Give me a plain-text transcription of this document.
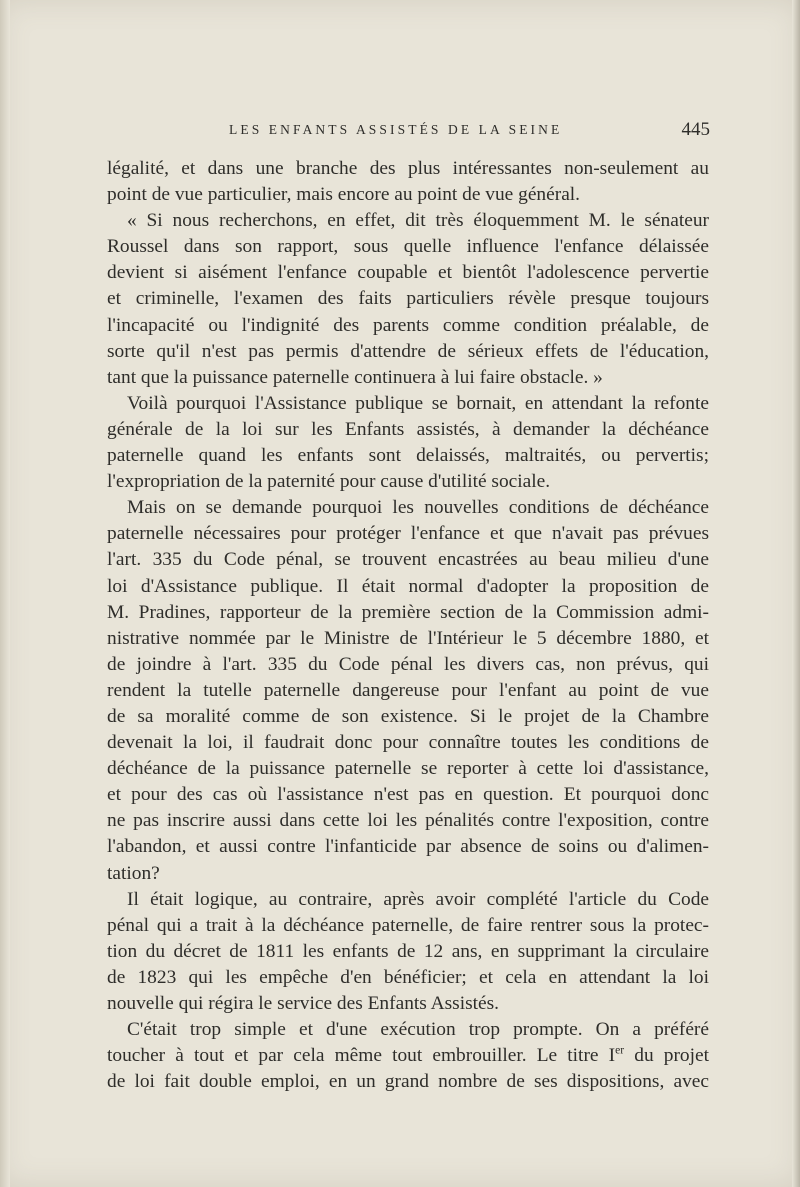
LES ENFANTS ASSISTÉS DE LA SEINE	445
légalité, et dans une branche des plus intéressantes non-seulement au
point de vue particulier, mais encore au point de vue général.
« Si nous recherchons, en effet, dit très éloquemment M. le sénateur
Roussel dans son rapport, sous quelle influence l'enfance délaissée
devient si aisément l'enfance coupable et bientôt l'adolescence pervertie
et criminelle, l'examen des faits particuliers révèle presque toujours
l'incapacité ou l'indignité des parents comme condition préalable, de
sorte qu'il n'est pas permis d'attendre de sérieux effets de l'éducation,
tant que la puissance paternelle continuera à lui faire obstacle. »
Voilà pourquoi l'Assistance publique se bornait, en attendant la refonte
générale de la loi sur les Enfants assistés, à demander la déchéance
paternelle quand les enfants sont delaissés, maltraités, ou pervertis;
l'expropriation de la paternité pour cause d'utilité sociale.
Mais on se demande pourquoi les nouvelles conditions de déchéance
paternelle nécessaires pour protéger l'enfance et que n'avait pas prévues
l'art. 335 du Code pénal, se trouvent encastrées au beau milieu d'une
loi d'Assistance publique. Il était normal d'adopter la proposition de
M. Pradines, rapporteur de la première section de la Commission admi-
nistrative nommée par le Ministre de l'Intérieur le 5 décembre 1880, et
de joindre à l'art. 335 du Code pénal les divers cas, non prévus, qui
rendent la tutelle paternelle dangereuse pour l'enfant au point de vue
de sa moralité comme de son existence. Si le projet de la Chambre
devenait la loi, il faudrait donc pour connaître toutes les conditions de
déchéance de la puissance paternelle se reporter à cette loi d'assistance,
et pour des cas où l'assistance n'est pas en question. Et pourquoi donc
ne pas inscrire aussi dans cette loi les pénalités contre l'exposition, contre
l'abandon, et aussi contre l'infanticide par absence de soins ou d'alimen-
tation?
Il était logique, au contraire, après avoir complété l'article du Code
pénal qui a trait à la déchéance paternelle, de faire rentrer sous la protec-
tion du décret de 1811 les enfants de 12 ans, en supprimant la circulaire
de 1823 qui les empêche d'en bénéficier; et cela en attendant la loi
nouvelle qui régira le service des Enfants Assistés.
C'était trop simple et d'une exécution trop prompte. On a préféré
toucher à tout et par cela même tout embrouiller. Le titre Ier du projet
de loi fait double emploi, en un grand nombre de ses dispositions, avec
